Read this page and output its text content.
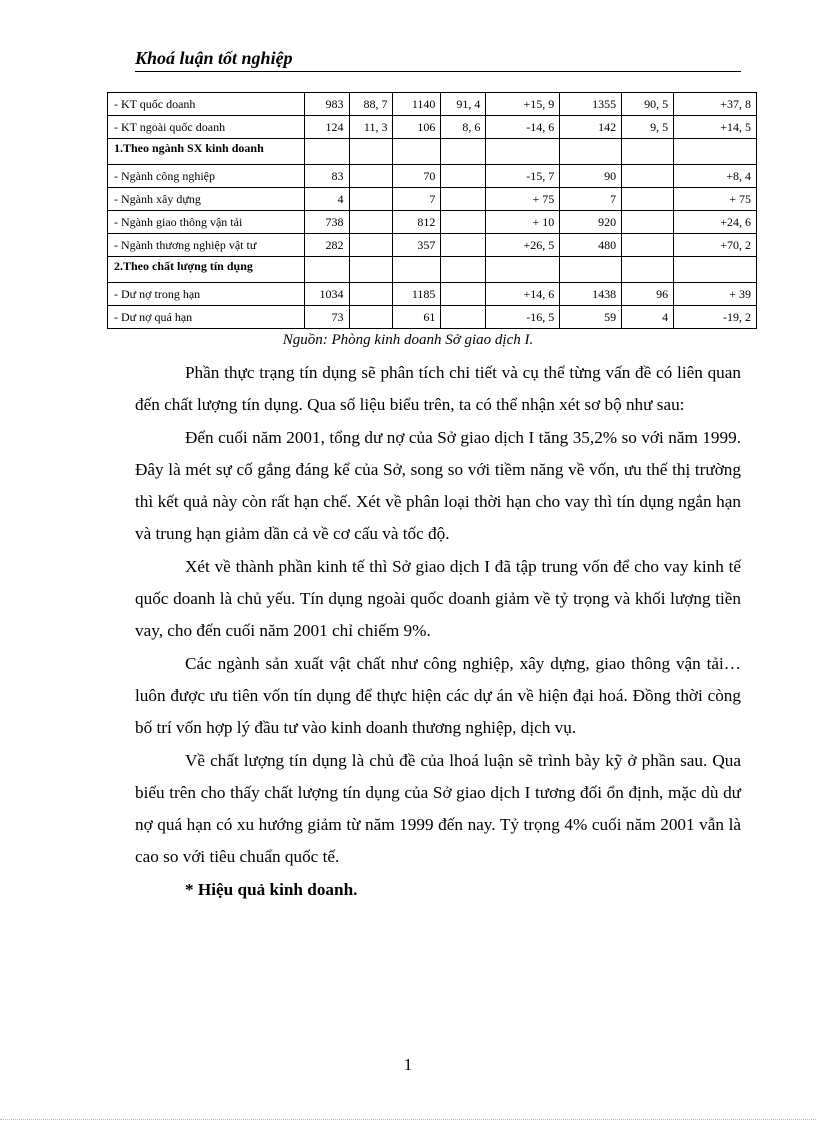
Khoá luận tốt nghiệp
- KT quốc doanh	983	88, 7	1140	91, 4	+15, 9	1355	90, 5	+37, 8
- KT ngoài quốc doanh	124	11, 3	106	8, 6	-14, 6	142	9, 5	+14, 5
1.Theo ngành SX kinh doanh								
- Ngành công nghiệp	83		70		-15, 7	90		+8, 4
- Ngành xây dựng	4		7		+ 75	7		+ 75
- Ngành giao thông vận tải	738		812		+ 10	920		+24, 6
- Ngành thương nghiệp vật tư	282		357		+26, 5	480		+70, 2
2.Theo chất lượng tín dụng								
- Dư nợ trong hạn	1034		1185		+14, 6	1438	96	+ 39
- Dư nợ quá hạn	73		61		-16, 5	59	4	-19, 2
Nguồn: Phòng kinh doanh Sở giao dịch I.

Phần thực trạng tín dụng sẽ phân tích chi tiết và cụ thể từng vấn đề có liên quan đến chất lượng tín dụng. Qua số liệu biểu trên, ta có thể nhận xét sơ bộ như sau:

Đến cuối năm 2001, tổng dư nợ của Sở giao dịch I tăng 35,2% so với năm 1999. Đây là mét sự cố gắng đáng kể của Sở, song so với tiềm năng về vốn, ưu thế thị trường thì kết quả này còn rất hạn chế. Xét về phân loại thời hạn cho vay thì tín dụng ngắn hạn và trung hạn giảm dần cả về cơ cấu và tốc độ.

Xét về thành phần kinh tế thì Sở giao dịch I đã tập trung vốn để cho vay kinh tế quốc doanh là chủ yếu. Tín dụng ngoài quốc doanh giảm về tỷ trọng và khối lượng tiền vay, cho đến cuối năm 2001 chỉ chiếm 9%.

Các ngành sản xuất vật chất như công nghiệp, xây dựng, giao thông vận tải… luôn được ưu tiên vốn tín dụng để thực hiện các dự án về hiện đại hoá. Đồng thời còng bố trí vốn hợp lý đầu tư vào kinh doanh thương nghiệp, dịch vụ.

Về chất lượng tín dụng là chủ đề của lhoá luận sẽ trình bày kỹ ở phần sau. Qua biểu trên cho thấy chất lượng tín dụng của Sở giao dịch I tương đối ổn định, mặc dù dư nợ quá hạn có xu hướng giảm từ năm 1999 đến nay. Tỷ trọng 4% cuối năm 2001 vẫn là cao so với tiêu chuẩn quốc tế.

* Hiệu quả kinh doanh.

1
